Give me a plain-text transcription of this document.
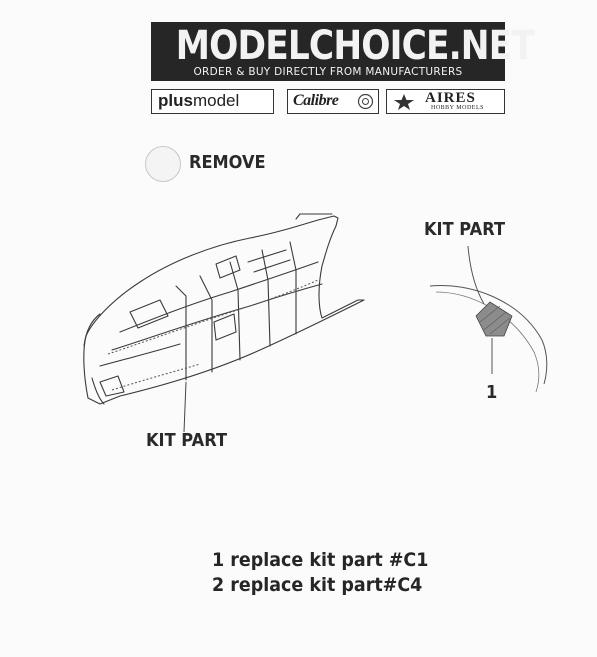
MODELCHOICE.NET
ORDER & BUY DIRECTLY FROM MANUFACTURERS
plusmodel	Calibre	AIRES
HOBBY MODELS
REMOVE
KIT PART
KIT PART
1
1 replace kit part #C1
2 replace kit part#C4
